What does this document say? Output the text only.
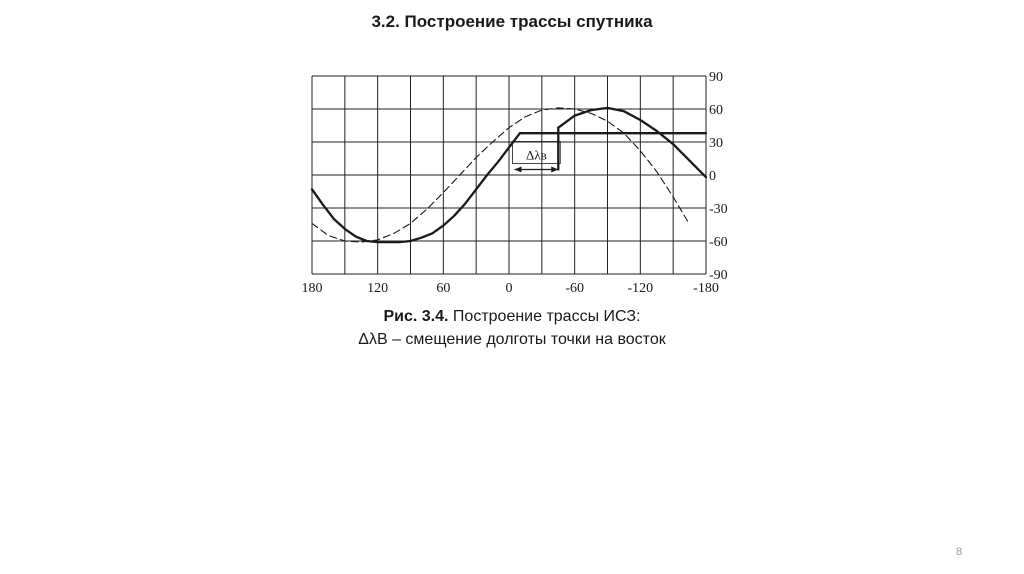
3.2. Построение трассы спутника
Δλв
180	120	60	0	-60	-120	-180
90
60
30
0
-30
-60
-90
Рис. 3.4. Построение трассы ИСЗ:
ΔλВ – смещение долготы точки на восток
8
